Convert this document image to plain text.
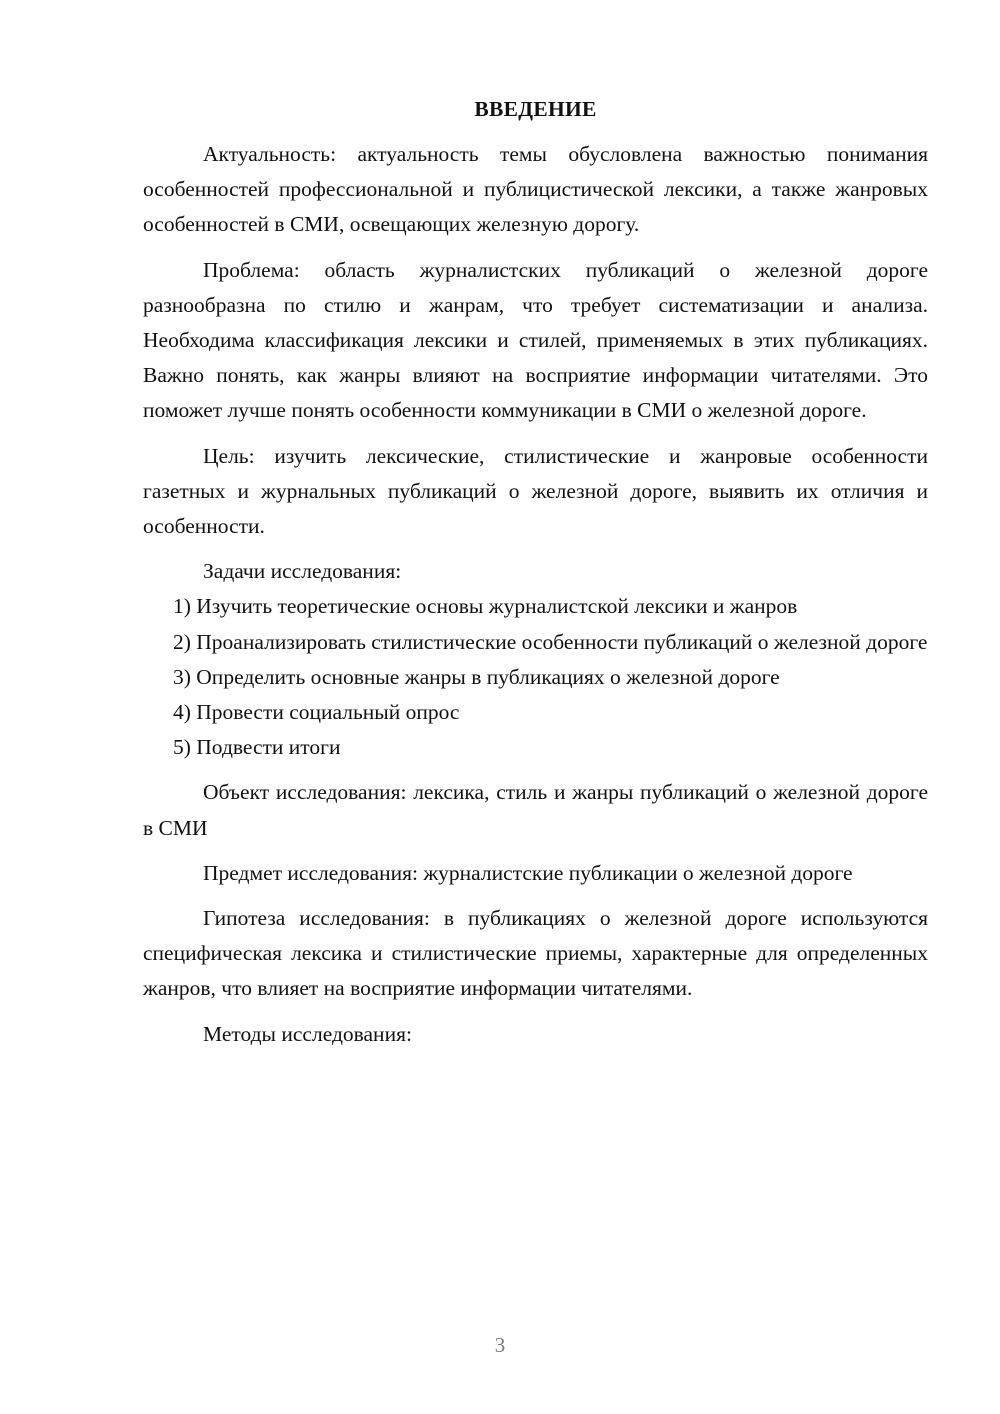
ВВЕДЕНИЕ

Актуальность: актуальность темы обусловлена важностью понимания особенностей профессиональной и публицистической лексики, а также жанровых особенностей в СМИ, освещающих железную дорогу.

Проблема: область журналистских публикаций о железной дороге разнообразна по стилю и жанрам, что требует систематизации и анализа. Необходима классификация лексики и стилей, применяемых в этих публикациях. Важно понять, как жанры влияют на восприятие информации читателями. Это поможет лучше понять особенности коммуникации в СМИ о железной дороге.

Цель: изучить лексические, стилистические и жанровые особенности газетных и журнальных публикаций о железной дороге, выявить их отличия и особенности.

Задачи исследования:

1) Изучить теоретические основы журналистской лексики и жанров

2) Проанализировать стилистические особенности публикаций о железной дороге

3) Определить основные жанры в публикациях о железной дороге

4) Провести социальный опрос

5) Подвести итоги

Объект исследования: лексика, стиль и жанры публикаций о железной дороге в СМИ

Предмет исследования: журналистские публикации о железной дороге

Гипотеза исследования: в публикациях о железной дороге используются специфическая лексика и стилистические приемы, характерные для определенных жанров, что влияет на восприятие информации читателями.

Методы исследования:

3
